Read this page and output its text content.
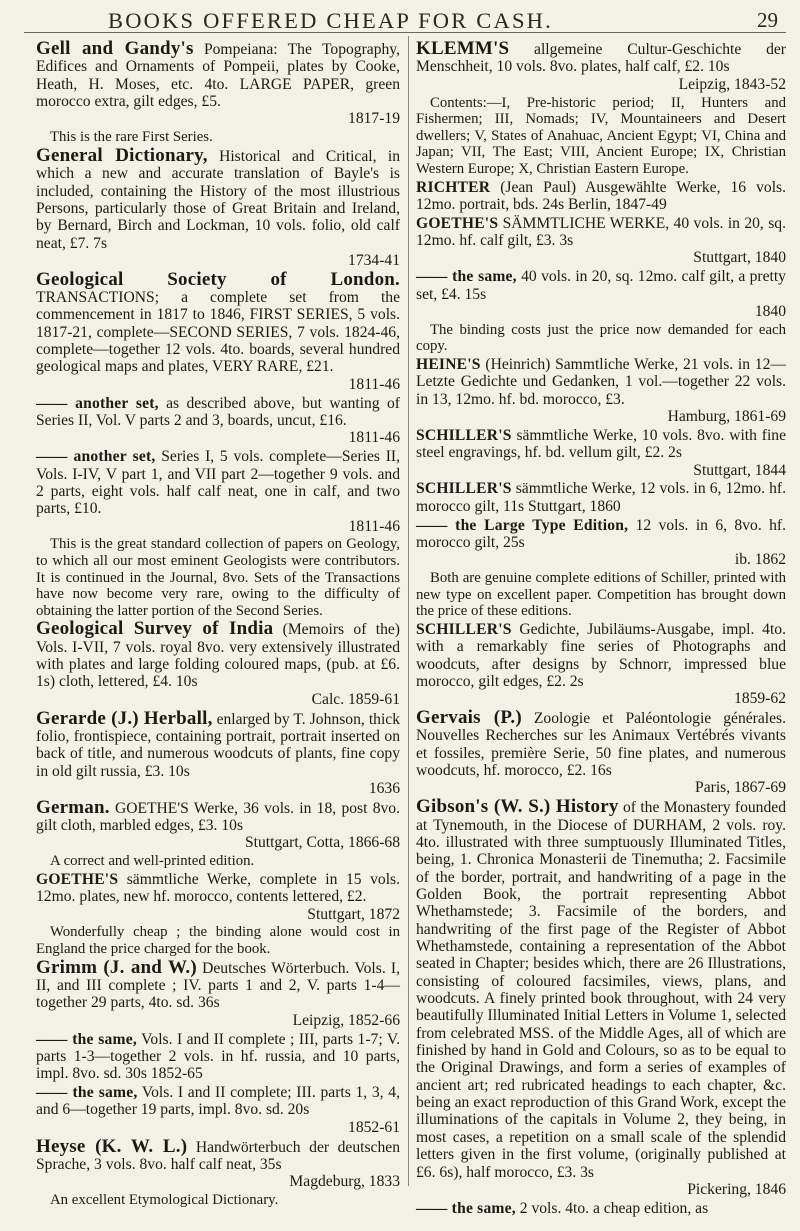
BOOKS OFFERED CHEAP FOR CASH.	29

Gell and Gandy's Pompeiana: The Topography, Edifices and Ornaments of Pompeii, plates by Cooke, Heath, H. Moses, etc. 4to. LARGE PAPER, green morocco extra, gilt edges, £5.
1817-19

This is the rare First Series.

General Dictionary, Historical and Critical, in which a new and accurate translation of Bayle's is included, containing the History of the most illustrious Persons, particularly those of Great Britain and Ireland, by Bernard, Birch and Lockman, 10 vols. folio, old calf neat, £7. 7s
1734-41

Geological Society of London. TRANSACTIONS; a complete set from the commencement in 1817 to 1846, FIRST SERIES, 5 vols. 1817-21, complete—SECOND SERIES, 7 vols. 1824-46, complete—together 12 vols. 4to. boards, several hundred geological maps and plates, VERY RARE, £21.
1811-46

—— another set, as described above, but wanting of Series II, Vol. V parts 2 and 3, boards, uncut, £16.
1811-46

—— another set, Series I, 5 vols. complete—Series II, Vols. I-IV, V part 1, and VII part 2—together 9 vols. and 2 parts, eight vols. half calf neat, one in calf, and two parts, £10.
1811-46

This is the great standard collection of papers on Geology, to which all our most eminent Geologists were contributors. It is continued in the Journal, 8vo. Sets of the Transactions have now become very rare, owing to the difficulty of obtaining the latter portion of the Second Series.

Geological Survey of India (Memoirs of the) Vols. I-VII, 7 vols. royal 8vo. very extensively illustrated with plates and large folding coloured maps, (pub. at £6. 1s) cloth, lettered, £4. 10s
Calc. 1859-61

Gerarde (J.) Herball, enlarged by T. Johnson, thick folio, frontispiece, containing portrait, portrait inserted on back of title, and numerous woodcuts of plants, fine copy in old gilt russia, £3. 10s
1636

German. GOETHE'S Werke, 36 vols. in 18, post 8vo. gilt cloth, marbled edges, £3. 10s
Stuttgart, Cotta, 1866-68

A correct and well-printed edition.

GOETHE'S sämmtliche Werke, complete in 15 vols. 12mo. plates, new hf. morocco, contents lettered, £2.
Stuttgart, 1872

Wonderfully cheap ; the binding alone would cost in England the price charged for the book.

Grimm (J. and W.) Deutsches Wörterbuch. Vols. I, II, and III complete ; IV. parts 1 and 2, V. parts 1-4—together 29 parts, 4to. sd. 36s
Leipzig, 1852-66

—— the same, Vols. I and II complete ; III, parts 1-7; V. parts 1-3—together 2 vols. in hf. russia, and 10 parts, impl. 8vo. sd. 30s 1852-65

—— the same, Vols. I and II complete; III. parts 1, 3, 4, and 6—together 19 parts, impl. 8vo. sd. 20s
1852-61

Heyse (K. W. L.) Handwörterbuch der deutschen Sprache, 3 vols. 8vo. half calf neat, 35s
Magdeburg, 1833

An excellent Etymological Dictionary.

KLEMM'S allgemeine Cultur-Geschichte der Menschheit, 10 vols. 8vo. plates, half calf, £2. 10s
Leipzig, 1843-52

Contents:—I, Pre-historic period; II, Hunters and Fishermen; III, Nomads; IV, Mountaineers and Desert dwellers; V, States of Anahuac, Ancient Egypt; VI, China and Japan; VII, The East; VIII, Ancient Europe; IX, Christian Western Europe; X, Christian Eastern Europe.

RICHTER (Jean Paul) Ausgewählte Werke, 16 vols. 12mo. portrait, bds. 24s Berlin, 1847-49

GOETHE'S SÄMMTLICHE WERKE, 40 vols. in 20, sq. 12mo. hf. calf gilt, £3. 3s
Stuttgart, 1840

—— the same, 40 vols. in 20, sq. 12mo. calf gilt, a pretty set, £4. 15s
1840

The binding costs just the price now demanded for each copy.

HEINE'S (Heinrich) Sammtliche Werke, 21 vols. in 12—Letzte Gedichte und Gedanken, 1 vol.—together 22 vols. in 13, 12mo. hf. bd. morocco, £3.
Hamburg, 1861-69

SCHILLER'S sämmtliche Werke, 10 vols. 8vo. with fine steel engravings, hf. bd. vellum gilt, £2. 2s
Stuttgart, 1844

SCHILLER'S sämmtliche Werke, 12 vols. in 6, 12mo. hf. morocco gilt, 11s Stuttgart, 1860

—— the Large Type Edition, 12 vols. in 6, 8vo. hf. morocco gilt, 25s
ib. 1862

Both are genuine complete editions of Schiller, printed with new type on excellent paper. Competition has brought down the price of these editions.

SCHILLER'S Gedichte, Jubiläums-Ausgabe, impl. 4to. with a remarkably fine series of Photographs and woodcuts, after designs by Schnorr, impressed blue morocco, gilt edges, £2. 2s
1859-62

Gervais (P.) Zoologie et Paléontologie générales. Nouvelles Recherches sur les Animaux Vertébrés vivants et fossiles, première Serie, 50 fine plates, and numerous woodcuts, hf. morocco, £2. 16s
Paris, 1867-69

Gibson's (W. S.) History of the Monastery founded at Tynemouth, in the Diocese of DURHAM, 2 vols. roy. 4to. illustrated with three sumptuously Illuminated Titles, being, 1. Chronica Monasterii de Tinemutha; 2. Facsimile of the border, portrait, and handwriting of a page in the Golden Book, the portrait representing Abbot Whethamstede; 3. Facsimile of the borders, and handwriting of the first page of the Register of Abbot Whethamstede, containing a representation of the Abbot seated in Chapter; besides which, there are 26 Illustrations, consisting of coloured facsimiles, views, plans, and woodcuts. A finely printed book throughout, with 24 very beautifully Illuminated Initial Letters in Volume 1, selected from celebrated MSS. of the Middle Ages, all of which are finished by hand in Gold and Colours, so as to be equal to the Original Drawings, and form a series of examples of ancient art; red rubricated headings to each chapter, &c. being an exact reproduction of this Grand Work, except the illuminations of the capitals in Volume 2, they being, in most cases, a repetition on a small scale of the splendid letters given in the first volume, (originally published at £6. 6s), half morocco, £3. 3s
Pickering, 1846

—— the same, 2 vols. 4to. a cheap edition, as
